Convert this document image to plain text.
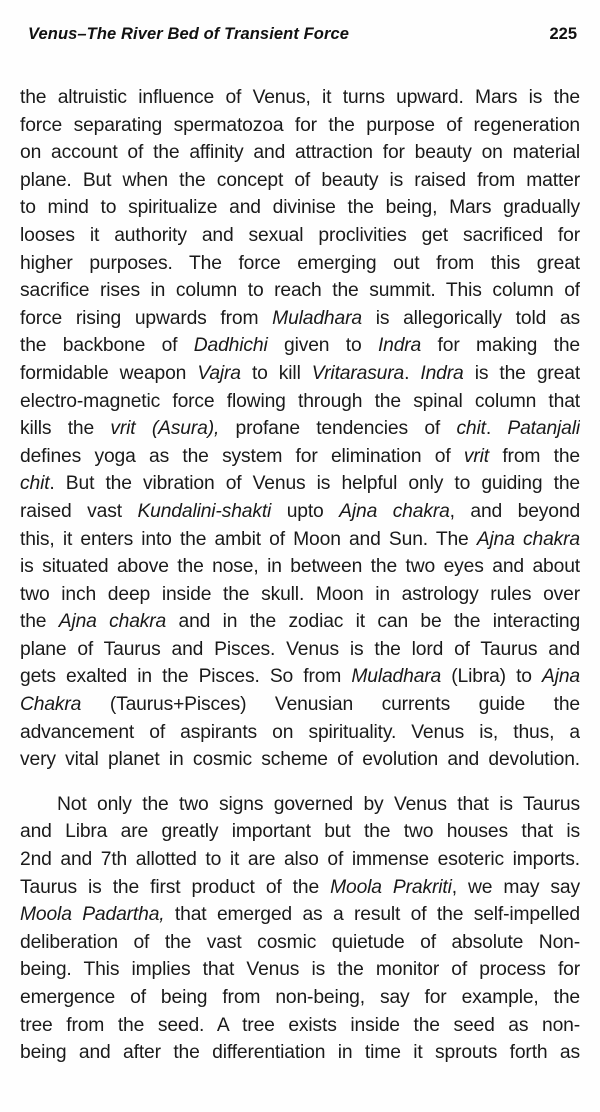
Venus–The River Bed of Transient Force	225
the altruistic influence of Venus, it turns upward. Mars is the
force separating spermatozoa for the purpose of regeneration
on account of the affinity and attraction for beauty on material
plane. But when the concept of beauty is raised from matter
to mind to spiritualize and divinise the being, Mars gradually
looses it authority and sexual proclivities get sacrificed for
higher purposes. The force emerging out from this great
sacrifice rises in column to reach the summit. This column of
force rising upwards from Muladhara is allegorically told as
the backbone of Dadhichi given to Indra for making the
formidable weapon Vajra to kill Vritarasura. Indra is the great
electro-magnetic force flowing through the spinal column that
kills the vrit (Asura), profane tendencies of chit. Patanjali
defines yoga as the system for elimination of vrit from the
chit. But the vibration of Venus is helpful only to guiding the
raised vast Kundalini-shakti upto Ajna chakra, and beyond
this, it enters into the ambit of Moon and Sun. The Ajna chakra
is situated above the nose, in between the two eyes and about
two inch deep inside the skull. Moon in astrology rules over
the Ajna chakra and in the zodiac it can be the interacting
plane of Taurus and Pisces. Venus is the lord of Taurus and
gets exalted in the Pisces. So from Muladhara (Libra) to Ajna
Chakra (Taurus+Pisces) Venusian currents guide the
advancement of aspirants on spirituality. Venus is, thus, a
very vital planet in cosmic scheme of evolution and devolution.
Not only the two signs governed by Venus that is Taurus
and Libra are greatly important but the two houses that is
2nd and 7th allotted to it are also of immense esoteric imports.
Taurus is the first product of the Moola Prakriti, we may say
Moola Padartha, that emerged as a result of the self-impelled
deliberation of the vast cosmic quietude of absolute Non-
being. This implies that Venus is the monitor of process for
emergence of being from non-being, say for example, the
tree from the seed. A tree exists inside the seed as non-
being and after the differentiation in time it sprouts forth as
